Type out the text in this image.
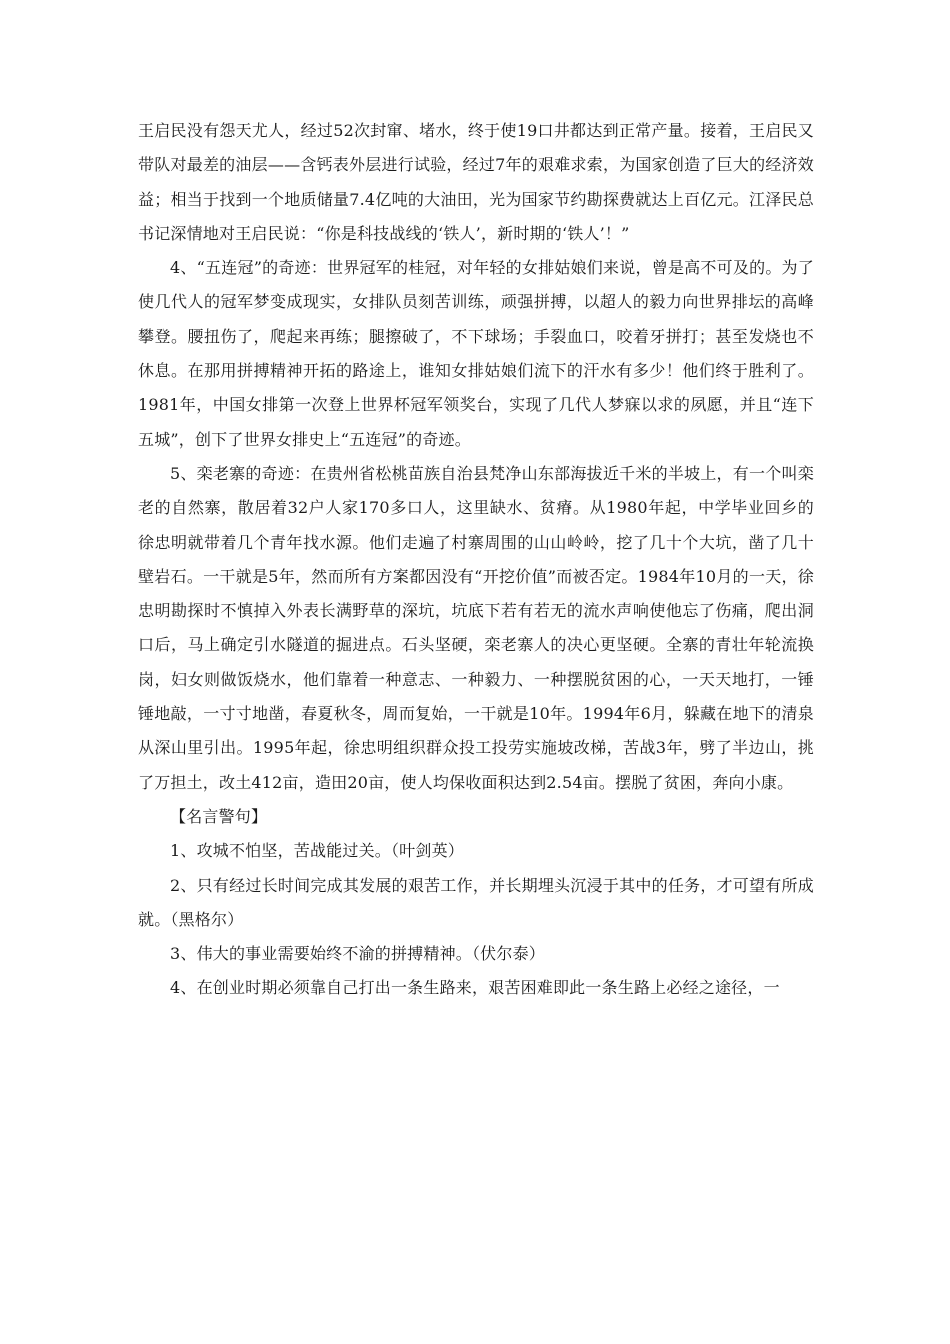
王启民没有怨天尤人，经过52次封窜、堵水，终于使19口井都达到正常产量。接着，王启民又带队对最差的油层——含钙表外层进行试验，经过7年的艰难求索，为国家创造了巨大的经济效益；相当于找到一个地质储量7.4亿吨的大油田，光为国家节约勘探费就达上百亿元。江泽民总书记深情地对王启民说：“你是科技战线的‘铁人’，新时期的‘铁人’！”

4、“五连冠”的奇迹：世界冠军的桂冠，对年轻的女排姑娘们来说，曾是高不可及的。为了使几代人的冠军梦变成现实，女排队员刻苦训练，顽强拼搏，以超人的毅力向世界排坛的高峰攀登。腰扭伤了，爬起来再练；腿擦破了，不下球场；手裂血口，咬着牙拼打；甚至发烧也不休息。在那用拼搏精神开拓的路途上，谁知女排姑娘们流下的汗水有多少！他们终于胜利了。1981年，中国女排第一次登上世界杯冠军领奖台，实现了几代人梦寐以求的夙愿，并且“连下五城”，创下了世界女排史上“五连冠”的奇迹。

5、栾老寨的奇迹：在贵州省松桃苗族自治县梵净山东部海拔近千米的半坡上，有一个叫栾老的自然寨，散居着32户人家170多口人，这里缺水、贫瘠。从1980年起，中学毕业回乡的徐忠明就带着几个青年找水源。他们走遍了村寨周围的山山岭岭，挖了几十个大坑，凿了几十壁岩石。一干就是5年，然而所有方案都因没有“开挖价值”而被否定。1984年10月的一天，徐忠明勘探时不慎掉入外表长满野草的深坑，坑底下若有若无的流水声响使他忘了伤痛，爬出洞口后，马上确定引水隧道的掘进点。石头坚硬，栾老寨人的决心更坚硬。全寨的青壮年轮流换岗，妇女则做饭烧水，他们靠着一种意志、一种毅力、一种摆脱贫困的心，一天天地打，一锤锤地敲，一寸寸地凿，春夏秋冬，周而复始，一干就是10年。1994年6月，躲藏在地下的清泉从深山里引出。1995年起，徐忠明组织群众投工投劳实施坡改梯，苦战3年，劈了半边山，挑了万担土，改土412亩，造田20亩，使人均保收面积达到2.54亩。摆脱了贫困，奔向小康。

【名言警句】

1、攻城不怕坚，苦战能过关。（叶剑英）

2、只有经过长时间完成其发展的艰苦工作，并长期埋头沉浸于其中的任务，才可望有所成就。（黑格尔）

3、伟大的事业需要始终不渝的拼搏精神。（伏尔泰）

4、在创业时期必须靠自己打出一条生路来，艰苦困难即此一条生路上必经之途径，一
